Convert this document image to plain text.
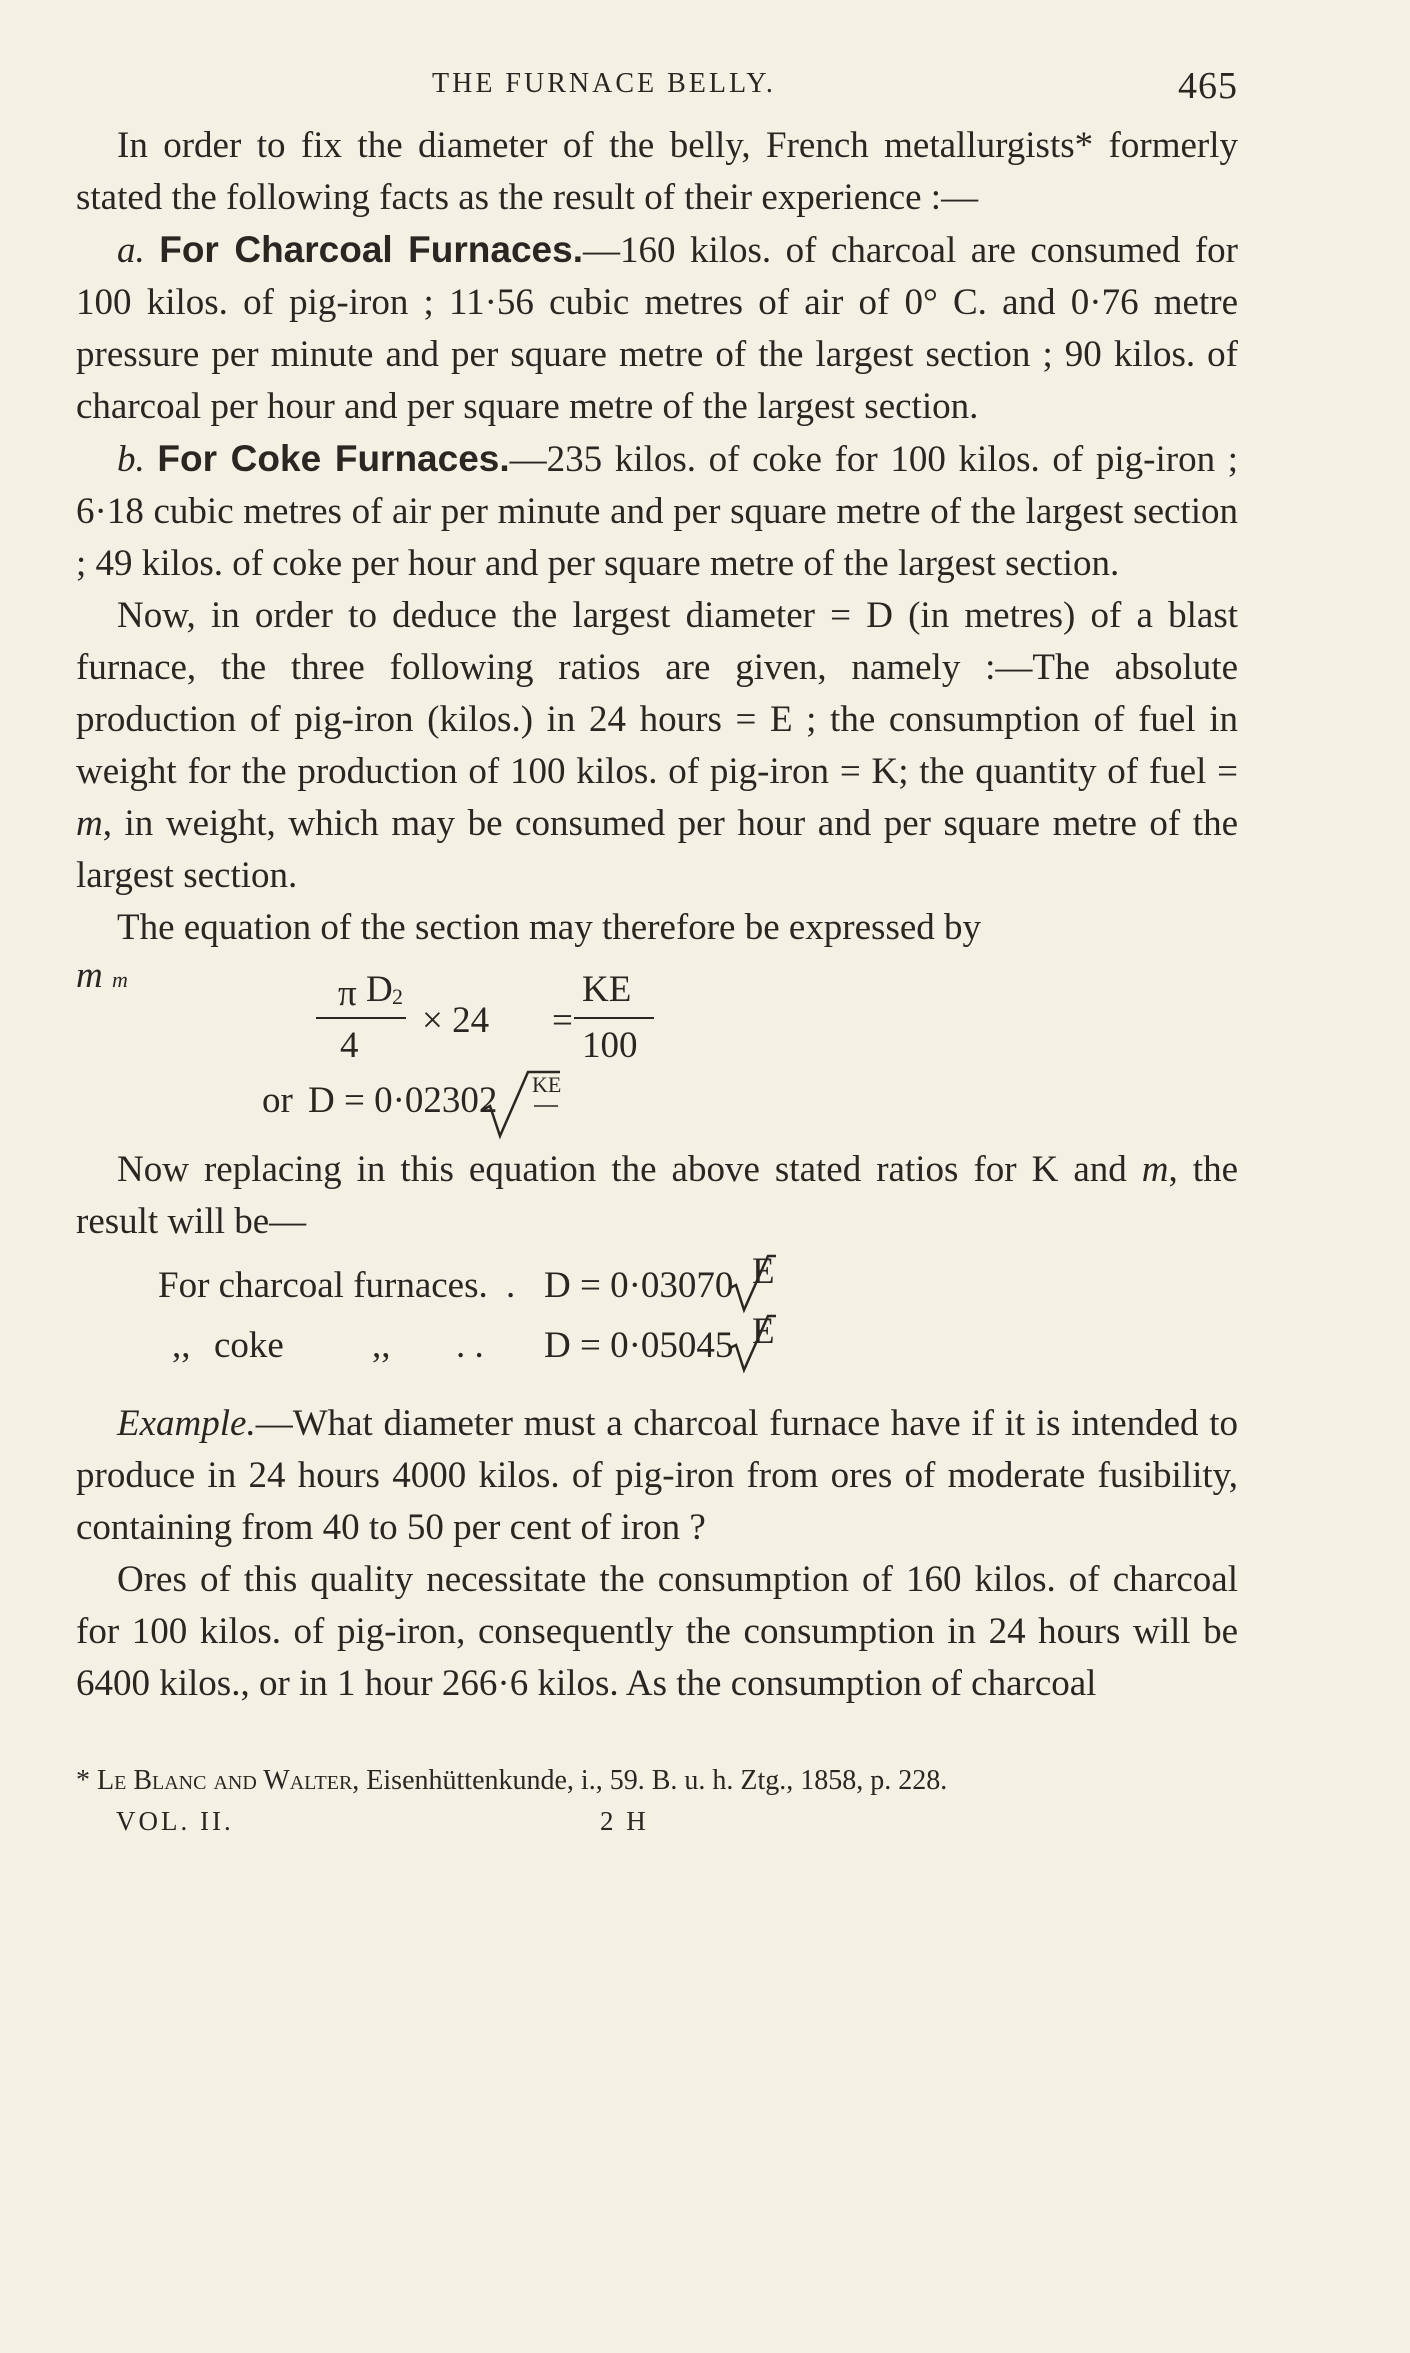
THE FURNACE BELLY.	465

In order to fix the diameter of the belly, French metallurgists* formerly stated the following facts as the result of their experience :—

a. For Charcoal Furnaces.—160 kilos. of charcoal are consumed for 100 kilos. of pig-iron ; 11·56 cubic metres of air of 0° C. and 0·76 metre pressure per minute and per square metre of the largest section ; 90 kilos. of charcoal per hour and per square metre of the largest section.

b. For Coke Furnaces.—235 kilos. of coke for 100 kilos. of pig-iron ; 6·18 cubic metres of air per minute and per square metre of the largest section ; 49 kilos. of coke per hour and per square metre of the largest section.

Now, in order to deduce the largest diameter = D (in metres) of a blast furnace, the three following ratios are given, namely :—The absolute production of pig-iron (kilos.) in 24 hours = E ; the consumption of fuel in weight for the production of 100 kilos. of pig-iron = K; the quantity of fuel = m, in weight, which may be consumed per hour and per square metre of the largest section.

The equation of the section may therefore be expressed by

π D 2
4
× 24
m
=
KE
100
or D = 0·02302 KE
m

Now replacing in this equation the above stated ratios for K and m, the result will be—

For charcoal furnaces. . D = 0·03070 E
,, coke ,, . . D = 0·05045 E

Example.—What diameter must a charcoal furnace have if it is intended to produce in 24 hours 4000 kilos. of pig-iron from ores of moderate fusibility, containing from 40 to 50 per cent of iron ?

Ores of this quality necessitate the consumption of 160 kilos. of charcoal for 100 kilos. of pig-iron, consequently the consumption in 24 hours will be 6400 kilos., or in 1 hour 266·6 kilos. As the consumption of charcoal

* Le Blanc and Walter, Eisenhüttenkunde, i., 59. B. u. h. Ztg., 1858, p. 228.
VOL. II.	2 H
